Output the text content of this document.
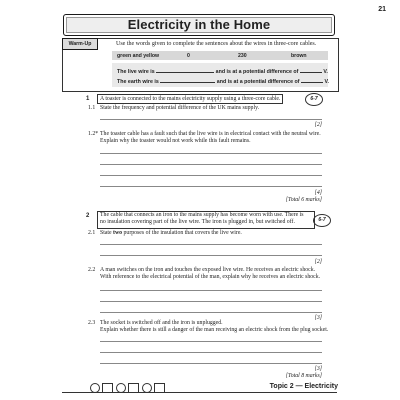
21
Electricity in the Home
Warm-Up	Use the words given to complete the sentences about the wires in three-core cables.
green and yellow	0	230	brown
The live wire is	and is at a potential difference of	V.
The earth wire is	and is at a potential difference of	V.
1	A toaster is connected to the mains electricity supply using a three-core cable.	6-7
1.1 State the frequency and potential difference of the UK mains supply.
[2]
1.2* The toaster cable has a fault such that the live wire is in electrical contact with the neutral wire.
Explain why the toaster would not work while this fault remains.
[4]
[Total 6 marks]
2 The cable that connects an iron to the mains supply has become worn with use. There is
no insulation covering part of the live wire. The iron is plugged in, but switched off.	6-7
2.1 State two purposes of the insulation that covers the live wire.
[2]
2.2 A man switches on the iron and touches the exposed live wire. He receives an electric shock.
With reference to the electrical potential of the man, explain why he receives an electric shock.
[3]
2.3 The socket is switched off and the iron is unplugged.
Explain whether there is still a danger of the man receiving an electric shock from the plug socket.
[3]
[Total 8 marks]
Topic 2 — Electricity
